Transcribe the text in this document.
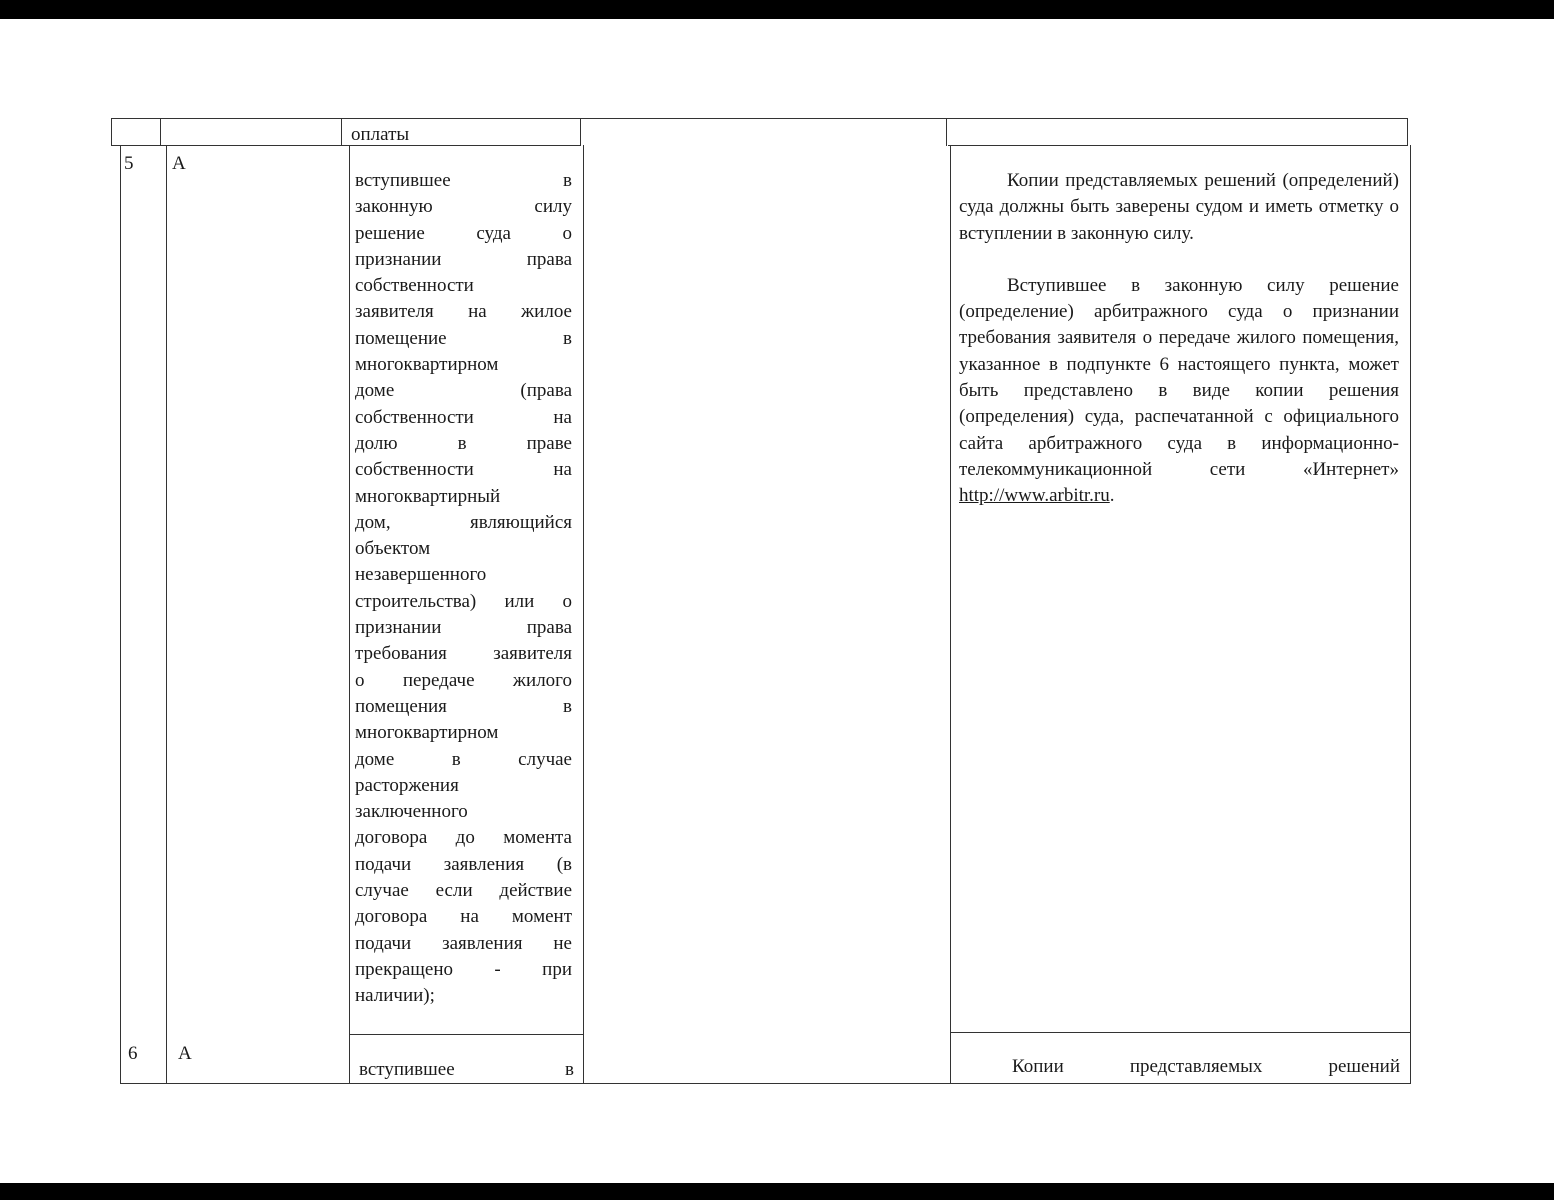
оплаты
5 А
вступившее в
законную силу
решение суда о
признании права
собственности
заявителя на жилое
помещение в
многоквартирном
доме (права
собственности на
долю в праве
собственности на
многоквартирный
дом, являющийся
объектом
незавершенного
строительства) или о
признании права
требования заявителя
о передаче жилого
помещения в
многоквартирном
доме в случае
расторжения
заключенного
договора до момента
подачи заявления (в
случае если действие
договора на момент
подачи заявления не
прекращено - при
наличии);

Копии представляемых решений (определений) суда должны быть заверены судом и иметь отметку о вступлении в законную силу.

Вступившее в законную силу решение (определение) арбитражного суда о признании требования заявителя о передаче жилого помещения, указанное в подпункте 6 настоящего пункта, может быть представлено в виде копии решения (определения) суда, распечатанной с официального сайта арбитражного суда в информационно-телекоммуникационной сети «Интернет» http://www.arbitr.ru.

6 А
вступившее в	Копии представляемых решений
